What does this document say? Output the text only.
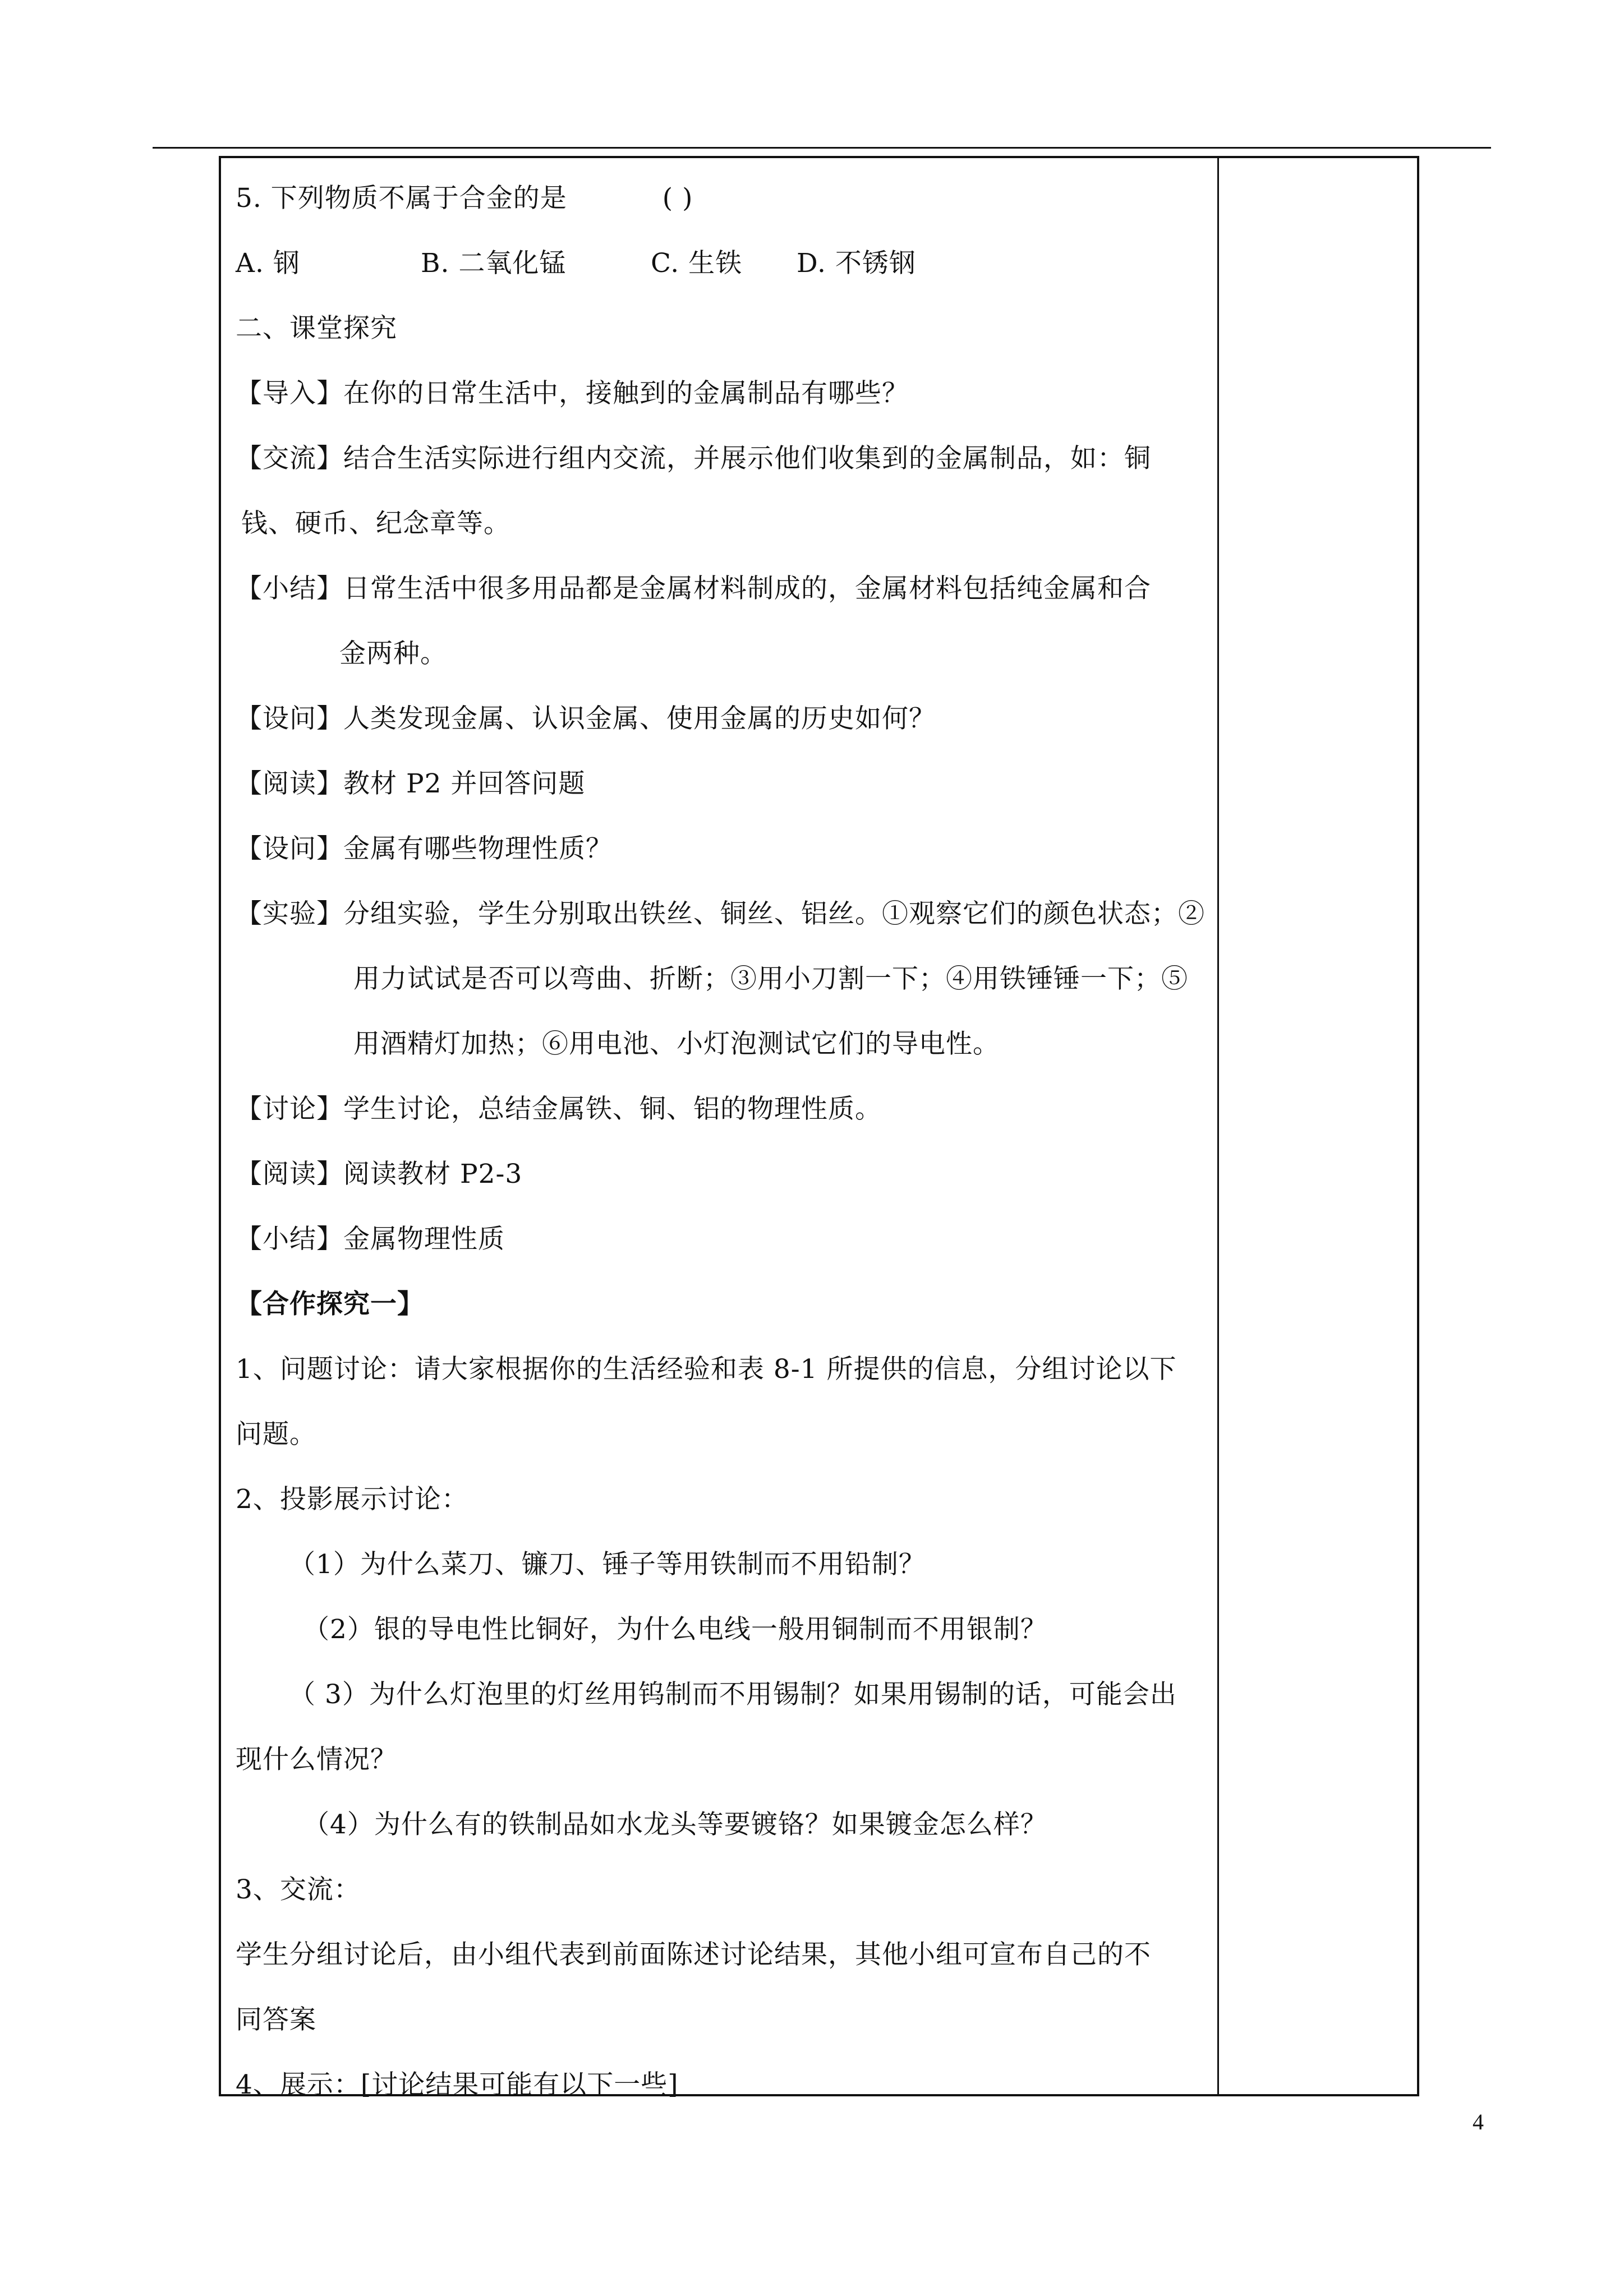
5. 下列物质不属于合金的是	( )
A. 钢	B. 二氧化锰	C. 生铁 D. 不锈钢
二、课堂探究
【导入】在你的日常生活中，接触到的金属制品有哪些？
【交流】结合生活实际进行组内交流，并展示他们收集到的金属制品，如：铜
钱、硬币、纪念章等。
【小结】日常生活中很多用品都是金属材料制成的，金属材料包括纯金属和合
金两种。
【设问】人类发现金属、认识金属、使用金属的历史如何？
【阅读】教材 P2 并回答问题
【设问】金属有哪些物理性质？
【实验】分组实验，学生分别取出铁丝、铜丝、铝丝。①观察它们的颜色状态；②
用力试试是否可以弯曲、折断；③用小刀割一下；④用铁锤锤一下；⑤
用酒精灯加热；⑥用电池、小灯泡测试它们的导电性。
【讨论】学生讨论，总结金属铁、铜、铝的物理性质。
【阅读】阅读教材 P2-3
【小结】金属物理性质
【合作探究一】
1、问题讨论：请大家根据你的生活经验和表 8-1 所提供的信息，分组讨论以下
问题。
2、投影展示讨论：
（1）为什么菜刀、镰刀、锤子等用铁制而不用铅制？
（2）银的导电性比铜好，为什么电线一般用铜制而不用银制？
（ 3）为什么灯泡里的灯丝用钨制而不用锡制？如果用锡制的话，可能会出
现什么情况？
（4）为什么有的铁制品如水龙头等要镀铬？如果镀金怎么样？
3、交流：
学生分组讨论后，由小组代表到前面陈述讨论结果，其他小组可宣布自己的不
同答案
4、展示：[讨论结果可能有以下一些]
4
